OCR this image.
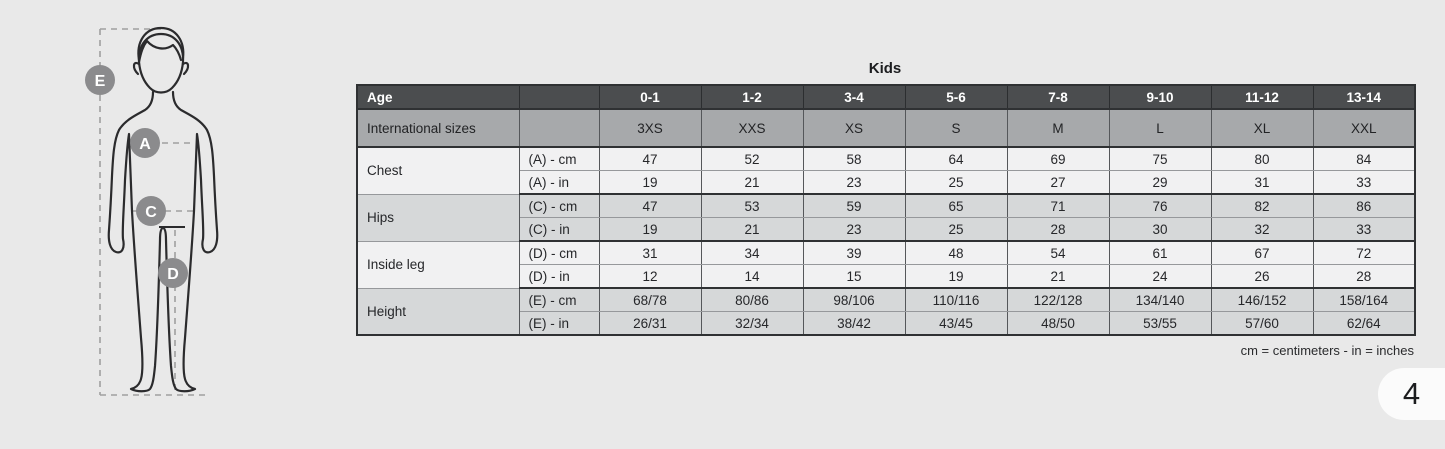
E
A
C
D
Kids
Age		0-1	1-2	3-4	5-6	7-8	9-10	11-12	13-14
International sizes		3XS	XXS	XS	S	M	L	XL	XXL
Chest	(A) - cm	47	52	58	64	69	75	80	84
	(A) - in	19	21	23	25	27	29	31	33
Hips	(C) - cm	47	53	59	65	71	76	82	86
	(C) - in	19	21	23	25	28	30	32	33
Inside leg	(D) - cm	31	34	39	48	54	61	67	72
	(D) - in	12	14	15	19	21	24	26	28
Height	(E) - cm	68/78	80/86	98/106	110/116	122/128	134/140	146/152	158/164
	(E) - in	26/31	32/34	38/42	43/45	48/50	53/55	57/60	62/64
cm = centimeters - in = inches
4
